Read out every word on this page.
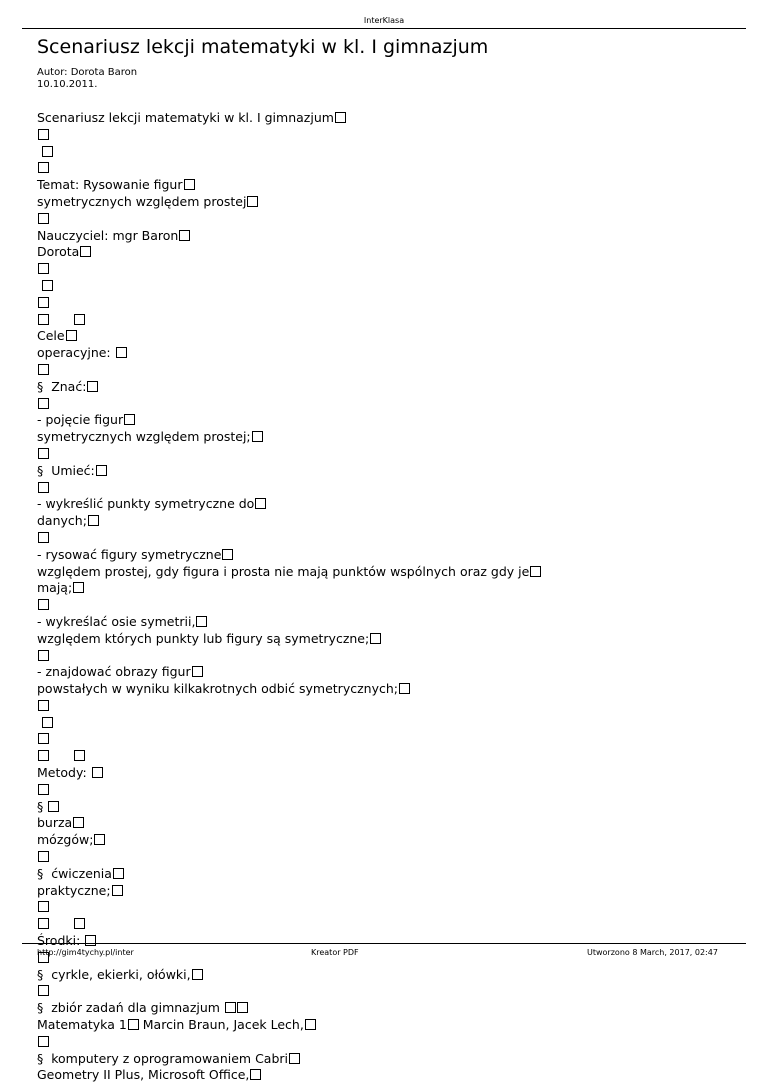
InterKlasa
Scenariusz lekcji matematyki w kl. I gimnazjum
Autor: Dorota Baron
10.10.2011.
Scenariusz lekcji matematyki w kl. I gimnazjum

Temat: Rysowanie figur
symetrycznych względem prostej
Nauczyciel: mgr Baron
Dorota

Cele
operacyjne:
§  Znać:
- pojęcie figur
symetrycznych względem prostej;
§  Umieć:
- wykreślić punkty symetryczne do
danych;
- rysować figury symetryczne
względem prostej, gdy figura i prosta nie mają punktów wspólnych oraz gdy je
mają;
- wykreślać osie symetrii,
względem których punkty lub figury są symetryczne;
- znajdować obrazy figur
powstałych w wyniku kilkakrotnych odbić symetrycznych;

Metody:
§
burza
mózgów;
§  ćwiczenia
praktyczne;

Środki:
§  cyrkle, ekierki, ołówki,
§  zbiór zadań dla gimnazjum
Matematyka 1 Marcin Braun, Jacek Lech,
§  komputery z oprogramowaniem Cabri
Geometry II Plus, Microsoft Office,
http://gim4tychy.pl/inter	Kreator PDF	Utworzono 8 March, 2017, 02:47
